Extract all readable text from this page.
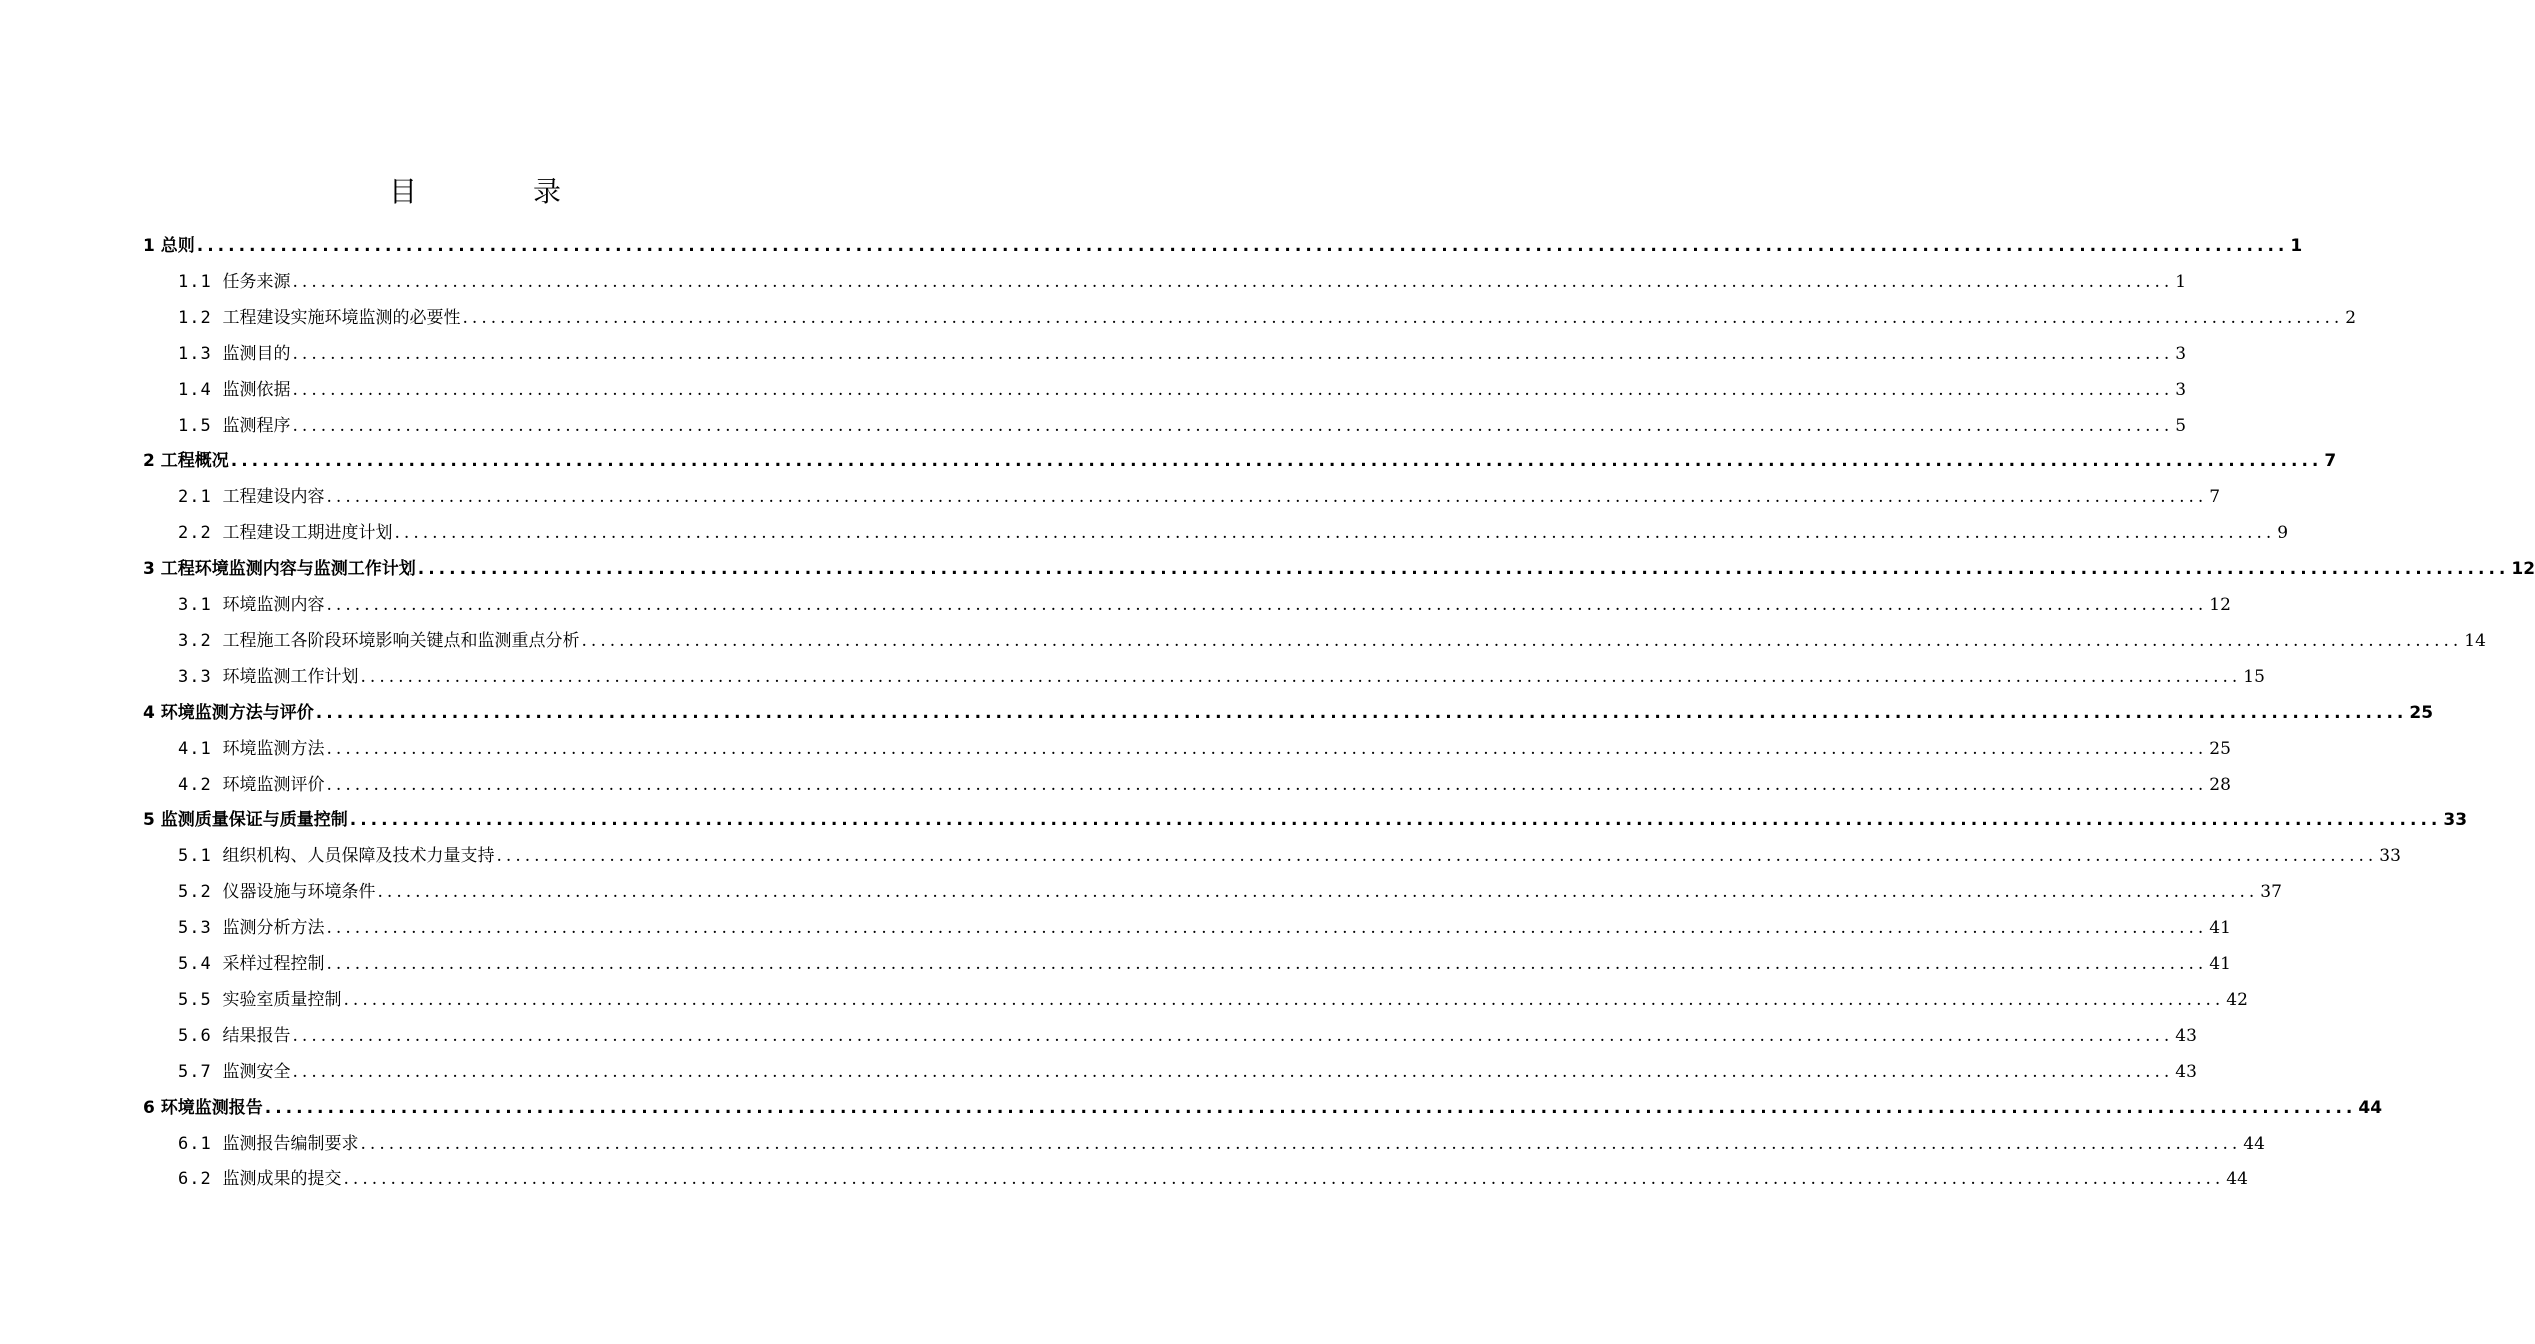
目　录
1
总则 ........................................................................................................................................................................................................ 1
1.1
任务来源 ........................................................................................................................................................................................................ 1
1.2
工程建设实施环境监测的必要性 ........................................................................................................................................................................................................ 2
1.3
监测目的 ........................................................................................................................................................................................................ 3
1.4
监测依据 ........................................................................................................................................................................................................ 3
1.5
监测程序 ........................................................................................................................................................................................................ 5
2
工程概况 ........................................................................................................................................................................................................ 7
2.1
工程建设内容 ........................................................................................................................................................................................................ 7
2.2
工程建设工期进度计划 ........................................................................................................................................................................................................ 9
3
工程环境监测内容与监测工作计划 ........................................................................................................................................................................................................ 12
3.1
环境监测内容 ........................................................................................................................................................................................................ 12
3.2
工程施工各阶段环境影响关键点和监测重点分析 ........................................................................................................................................................................................................ 14
3.3
环境监测工作计划 ........................................................................................................................................................................................................ 15
4
环境监测方法与评价 ........................................................................................................................................................................................................ 25
4.1
环境监测方法 ........................................................................................................................................................................................................ 25
4.2
环境监测评价 ........................................................................................................................................................................................................ 28
5
监测质量保证与质量控制 ........................................................................................................................................................................................................ 33
5.1
组织机构、人员保障及技术力量支持 ........................................................................................................................................................................................................ 33
5.2
仪器设施与环境条件 ........................................................................................................................................................................................................ 37
5.3
监测分析方法 ........................................................................................................................................................................................................ 41
5.4
采样过程控制 ........................................................................................................................................................................................................ 41
5.5
实验室质量控制 ........................................................................................................................................................................................................ 42
5.6
结果报告 ........................................................................................................................................................................................................ 43
5.7
监测安全 ........................................................................................................................................................................................................ 43
6
环境监测报告 ........................................................................................................................................................................................................ 44
6.1
监测报告编制要求 ........................................................................................................................................................................................................ 44
6.2
监测成果的提交 ........................................................................................................................................................................................................ 44
